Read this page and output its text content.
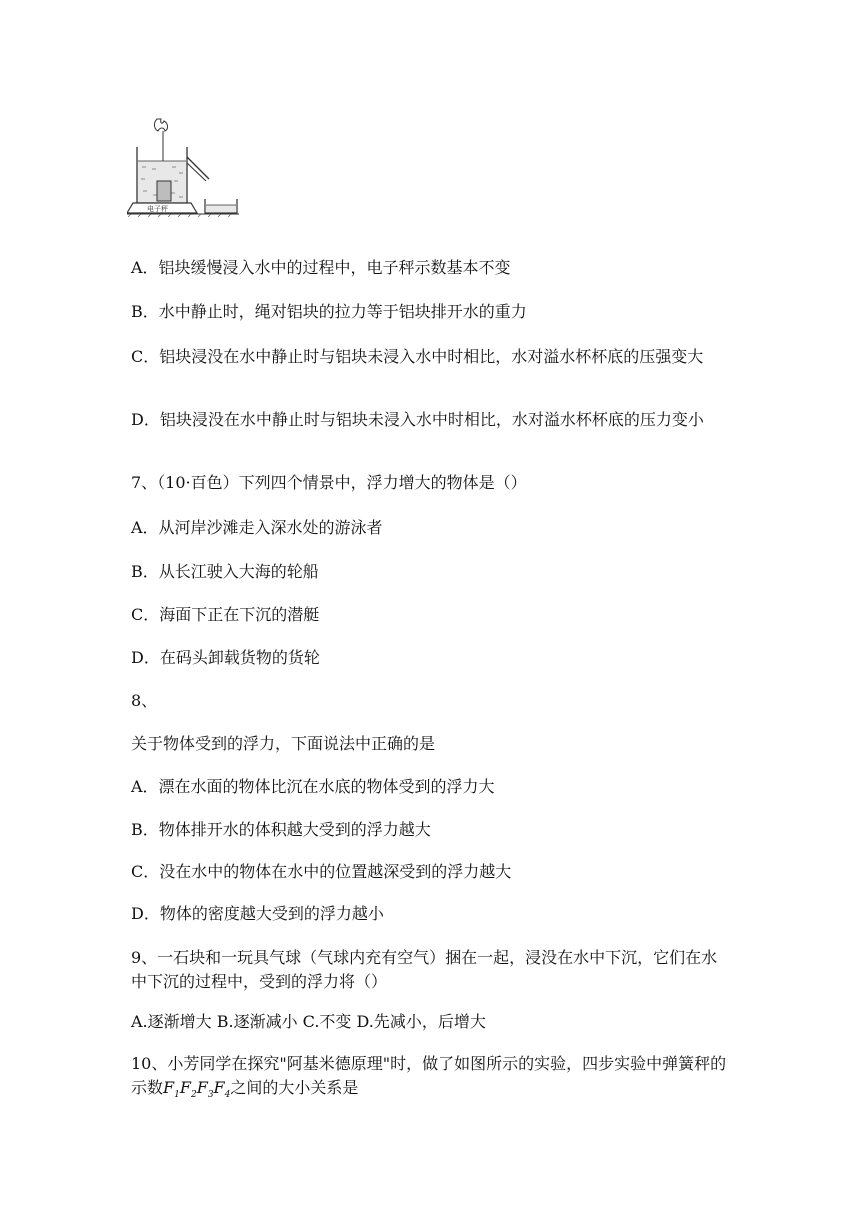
电子秤
A．铝块缓慢浸入水中的过程中，电子秤示数基本不变
B．水中静止时，绳对铝块的拉力等于铝块排开水的重力
C．铝块浸没在水中静止时与铝块未浸入水中时相比，水对溢水杯杯底的压强变大
D．铝块浸没在水中静止时与铝块未浸入水中时相比，水对溢水杯杯底的压力变小
7、（10·百色）下列四个情景中，浮力增大的物体是（）
A．从河岸沙滩走入深水处的游泳者
B．从长江驶入大海的轮船
C．海面下正在下沉的潜艇
D．在码头卸载货物的货轮
8、
关于物体受到的浮力，下面说法中正确的是
A．漂在水面的物体比沉在水底的物体受到的浮力大
B．物体排开水的体积越大受到的浮力越大
C．没在水中的物体在水中的位置越深受到的浮力越大
D．物体的密度越大受到的浮力越小
9、一石块和一玩具气球（气球内充有空气）捆在一起，浸没在水中下沉，它们在水中下沉的过程中，受到的浮力将（）
A.逐渐增大 B.逐渐减小 C.不变 D.先减小，后增大
10、小芳同学在探究"阿基米德原理"时，做了如图所示的实验，四步实验中弹簧秤的示数$F_1F_2F_3F_4$之间的大小关系是
